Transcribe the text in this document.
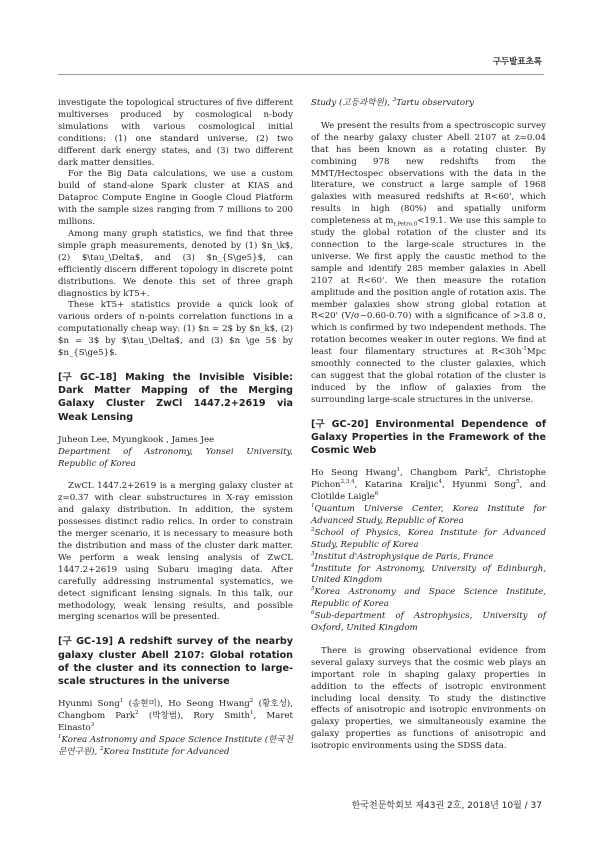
구두발표초록

investigate the topological structures of five different multiverses produced by cosmological n-body simulations with various cosmological initial conditions: (1) one standard universe, (2) two different dark energy states, and (3) two different dark matter densities.

For the Big Data calculations, we use a custom build of stand-alone Spark cluster at KIAS and Dataproc Compute Engine in Google Cloud Platform with the sample sizes ranging from 7 millions to 200 millions.

Among many graph statistics, we find that three simple graph measurements, denoted by (1) $n_\k$, (2) $\tau_\Delta$, and (3) $n_{S\ge5}$, can efficiently discern different topology in discrete point distributions. We denote this set of three graph diagnostics by kT5+.

These kT5+ statistics provide a quick look of various orders of n-points correlation functions in a computationally cheap way: (1) $n = 2$ by $n_k$, (2) $n = 3$ by $\tau_\Delta$, and (3) $n \ge 5$ by $n_{S\ge5}$.

[구 GC-18] Making the Invisible Visible: Dark Matter Mapping of the Merging Galaxy Cluster ZwCl 1447.2+2619 via Weak Lensing

Juheon Lee, Myungkook , James Jee

Department of Astronomy, Yonsei University, Republic of Korea

ZwCL 1447.2+2619 is a merging galaxy cluster at z=0.37 with clear substructures in X-ray emission and galaxy distribution. In addition, the system possesses distinct radio relics. In order to constrain the merger scenario, it is necessary to measure both the distribution and mass of the cluster dark matter. We perform a weak lensing analysis of ZwCL 1447.2+2619 using Subaru imaging data. After carefully addressing instrumental systematics, we detect significant lensing signals. In this talk, our methodology, weak lensing results, and possible merging scenarios will be presented.

[구 GC-19] A redshift survey of the nearby galaxy cluster Abell 2107: Global rotation of the cluster and its connection to large-scale structures in the universe

Hyunmi Song$^1$ (송현미), Ho Seong Hwang$^2$ (황호성), Changbom Park$^2$ (박창범), Rory Smith$^1$, Maret Einasto$^3$

$^1$Korea Astronomy and Space Science Institute (한국천문연구원), $^2$Korea Institute for Advanced

Study (고등과학원), $^3$Tartu observatory

We present the results from a spectroscopic survey of the nearby galaxy cluster Abell 2107 at z=0.04 that has been known as a rotating cluster. By combining 978 new redshifts from the MMT/Hectospec observations with the data in the literature, we construct a large sample of 1968 galaxies with measured redshifts at R<60', which results in high (80%) and spatially uniform completeness at $m_{r,Petro,0}<19.1$. We use this sample to study the global rotation of the cluster and its connection to the large-scale structures in the universe. We first apply the caustic method to the sample and identify 285 member galaxies in Abell 2107 at R<60'. We then measure the rotation amplitude and the position angle of rotation axis. The member galaxies show strong global rotation at R<20' (V/σ~0.60-0.70) with a significance of >3.8 σ, which is confirmed by two independent methods. The rotation becomes weaker in outer regions. We find at least four filamentary structures at $R<30h^{-1}Mpc$ smoothly connected to the cluster galaxies, which can suggest that the global rotation of the cluster is induced by the inflow of galaxies from the surrounding large-scale structures in the universe.

[구 GC-20] Environmental Dependence of Galaxy Properties in the Framework of the Cosmic Web

Ho Seong Hwang$^1$, Changbom Park$^2$, Christophe Pichon$^{2,3,4}$, Katarina Kraljic$^4$, Hyunmi Song$^5$, and Clotilde Laigle$^6$

$^1$Quantum Universe Center, Korea Institute for Advanced Study, Republic of Korea

$^2$School of Physics, Korea Institute for Advanced Study, Republic of Korea

$^3$Institut d'Astrophysique de Paris, France

$^4$Institute for Astronomy, University of Edinburgh, United Kingdom

$^5$Korea Astronomy and Space Science Institute, Republic of Korea

$^6$Sub-department of Astrophysics, University of Oxford, United Kingdom

There is growing observational evidence from several galaxy surveys that the cosmic web plays an important role in shaping galaxy properties in addition to the effects of isotropic environment including local density. To study the distinctive effects of anisotropic and isotropic environments on galaxy properties, we simultaneously examine the galaxy properties as functions of anisotropic and isotropic environments using the SDSS data.

한국천문학회보 제43권 2호, 2018년 10월 / 37
